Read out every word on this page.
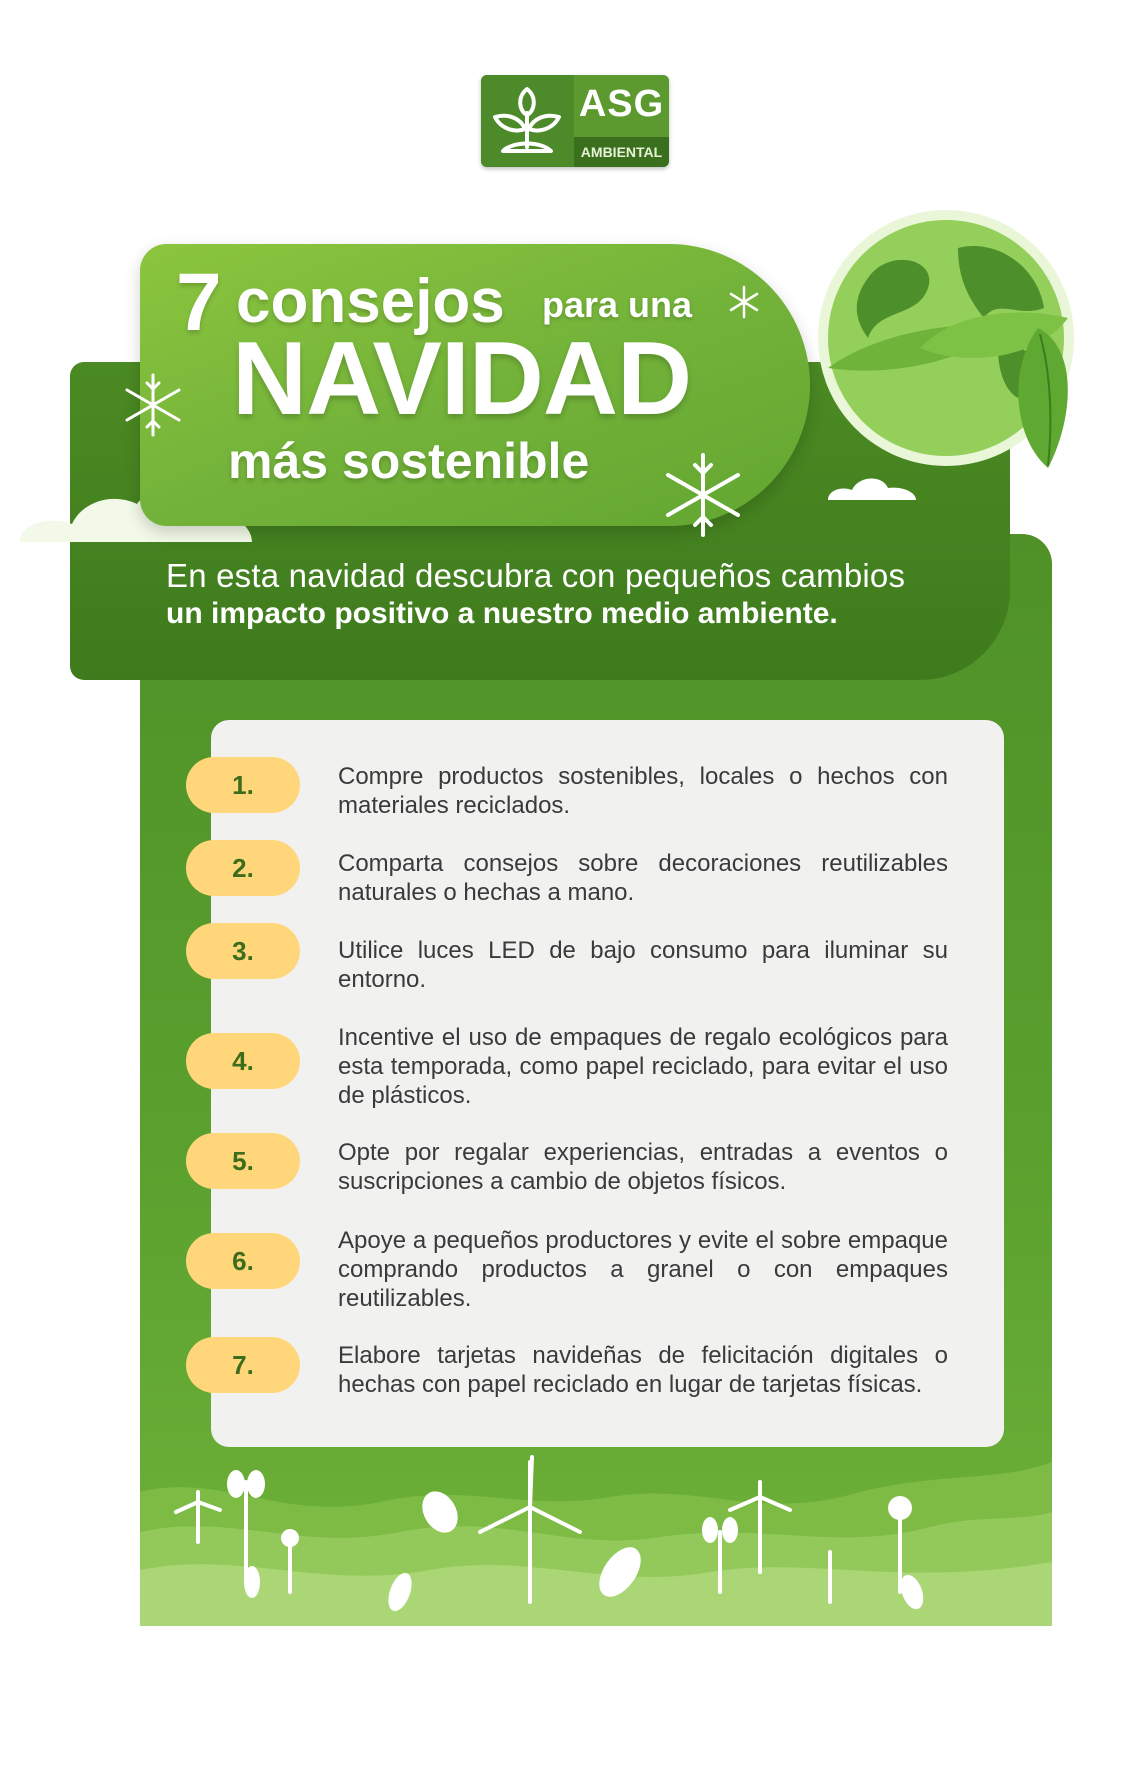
ASG
AMBIENTAL
En esta navidad descubra con pequeños cambios
un impacto positivo a nuestro medio ambiente.
7 consejos para una
NAVIDAD
más sostenible
1.	Compre productos sostenibles, locales o hechos con materiales reciclados.
2.	Comparta consejos sobre decoraciones reutilizables naturales o hechas a mano.
3.	Utilice luces LED de bajo consumo para iluminar su entorno.
4.
Incentive el uso de empaques de regalo ecológicos para esta temporada, como papel reciclado, para evitar el uso de plásticos.
5.	Opte por regalar experiencias, entradas a eventos o suscripciones a cambio de objetos físicos.
6.
Apoye a pequeños productores y evite el sobre empaque comprando productos a granel o con empaques reutilizables.
7.	Elabore tarjetas navideñas de felicitación digitales o hechas con papel reciclado en lugar de tarjetas físicas.
